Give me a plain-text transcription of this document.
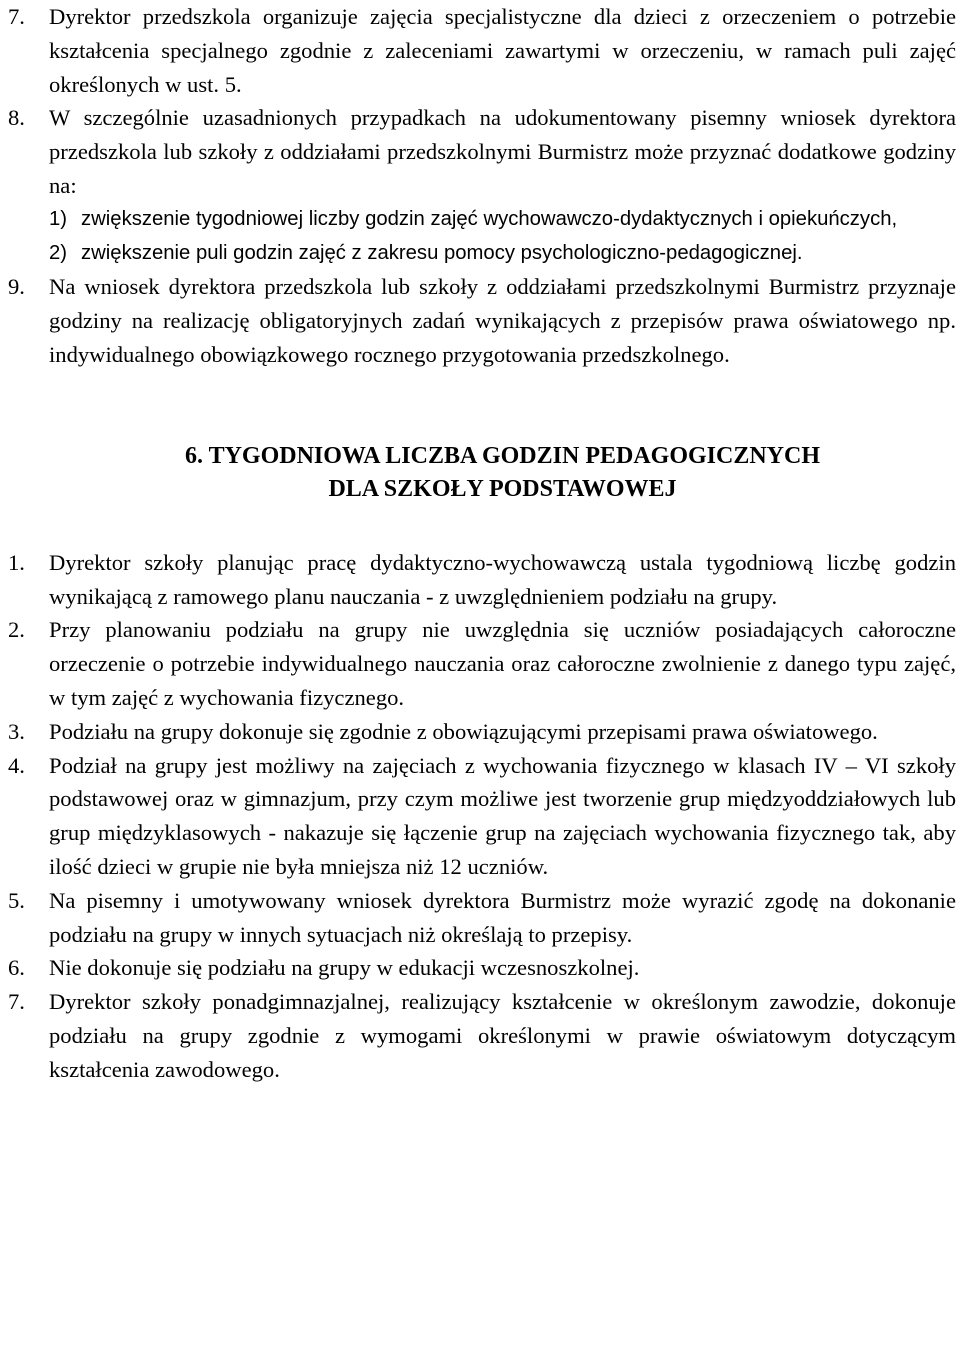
7.	Dyrektor przedszkola organizuje zajęcia specjalistyczne dla dzieci z orzeczeniem o potrzebie kształcenia specjalnego zgodnie z zaleceniami zawartymi w orzeczeniu, w ramach puli zajęć określonych w ust. 5.
8.	W szczególnie uzasadnionych przypadkach na udokumentowany pisemny wniosek dyrektora przedszkola lub szkoły z oddziałami przedszkolnymi Burmistrz może przyznać dodatkowe godziny na:
1) zwiększenie tygodniowej liczby godzin zajęć wychowawczo-dydaktycznych i opiekuńczych,
2) zwiększenie puli godzin zajęć z zakresu pomocy psychologiczno-pedagogicznej.
9.	Na wniosek dyrektora przedszkola lub szkoły z oddziałami przedszkolnymi Burmistrz przyznaje godziny na realizację obligatoryjnych zadań wynikających z przepisów prawa oświatowego np. indywidualnego obowiązkowego rocznego przygotowania przedszkolnego.
6. TYGODNIOWA LICZBA GODZIN PEDAGOGICZNYCH
DLA SZKOŁY PODSTAWOWEJ
1.	Dyrektor szkoły planując pracę dydaktyczno-wychowawczą ustala tygodniową liczbę godzin wynikającą z ramowego planu nauczania - z uwzględnieniem podziału na grupy.
2.	Przy planowaniu podziału na grupy nie uwzględnia się uczniów posiadających całoroczne orzeczenie o potrzebie indywidualnego nauczania oraz całoroczne zwolnienie z danego typu zajęć, w tym zajęć z wychowania fizycznego.
3.	Podziału na grupy dokonuje się zgodnie z obowiązującymi przepisami prawa oświatowego.
4.	Podział na grupy jest możliwy na zajęciach z wychowania fizycznego w klasach IV – VI szkoły podstawowej oraz w gimnazjum, przy czym możliwe jest tworzenie grup międzyoddziałowych lub grup międzyklasowych - nakazuje się łączenie grup na zajęciach wychowania fizycznego tak, aby ilość dzieci w grupie nie była mniejsza niż 12 uczniów.
5.	Na pisemny i umotywowany wniosek dyrektora Burmistrz może wyrazić zgodę na dokonanie podziału na grupy w innych sytuacjach niż określają to przepisy.
6.	Nie dokonuje się podziału na grupy w edukacji wczesnoszkolnej.
7.	Dyrektor szkoły ponadgimnazjalnej, realizujący kształcenie w określonym zawodzie, dokonuje podziału na grupy zgodnie z wymogami określonymi w prawie oświatowym dotyczącym kształcenia zawodowego.
